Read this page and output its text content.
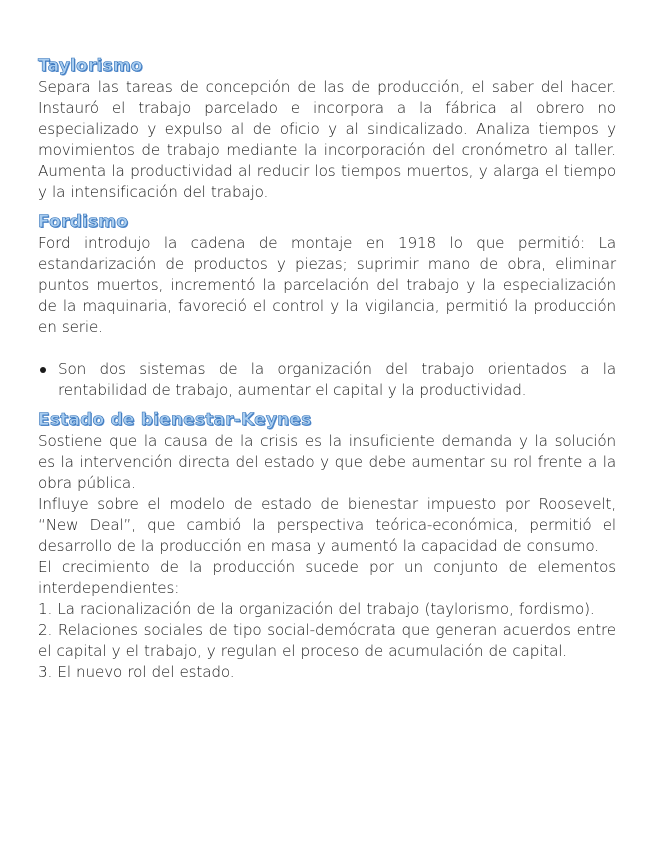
Taylorismo

Separa las tareas de concepción de las de producción, el saber del hacer. Instauró el trabajo parcelado e incorpora a la fábrica al obrero no especializado y expulso al de oficio y al sindicalizado. Analiza tiempos y movimientos de trabajo mediante la incorporación del cronómetro al taller. Aumenta la productividad al reducir los tiempos muertos, y alarga el tiempo y la intensificación del trabajo.

Fordismo

Ford introdujo la cadena de montaje en 1918 lo que permitió: La estandarización de productos y piezas; suprimir mano de obra, eliminar puntos muertos, incrementó la parcelación del trabajo y la especialización de la maquinaria, favoreció el control y la vigilancia, permitió la producción en serie.

Son dos sistemas de la organización del trabajo orientados a la rentabilidad de trabajo, aumentar el capital y la productividad.
Estado de bienestar-Keynes

Sostiene que la causa de la crisis es la insuficiente demanda y la solución es la intervención directa del estado y que debe aumentar su rol frente a la obra pública.

Influye sobre el modelo de estado de bienestar impuesto por Roosevelt, “New Deal”, que cambió la perspectiva teórica-económica, permitió el desarrollo de la producción en masa y aumentó la capacidad de consumo.

El crecimiento de la producción sucede por un conjunto de elementos interdependientes:

1. La racionalización de la organización del trabajo (taylorismo, fordismo).

2. Relaciones sociales de tipo social-demócrata que generan acuerdos entre el capital y el trabajo, y regulan el proceso de acumulación de capital.

3. El nuevo rol del estado.
